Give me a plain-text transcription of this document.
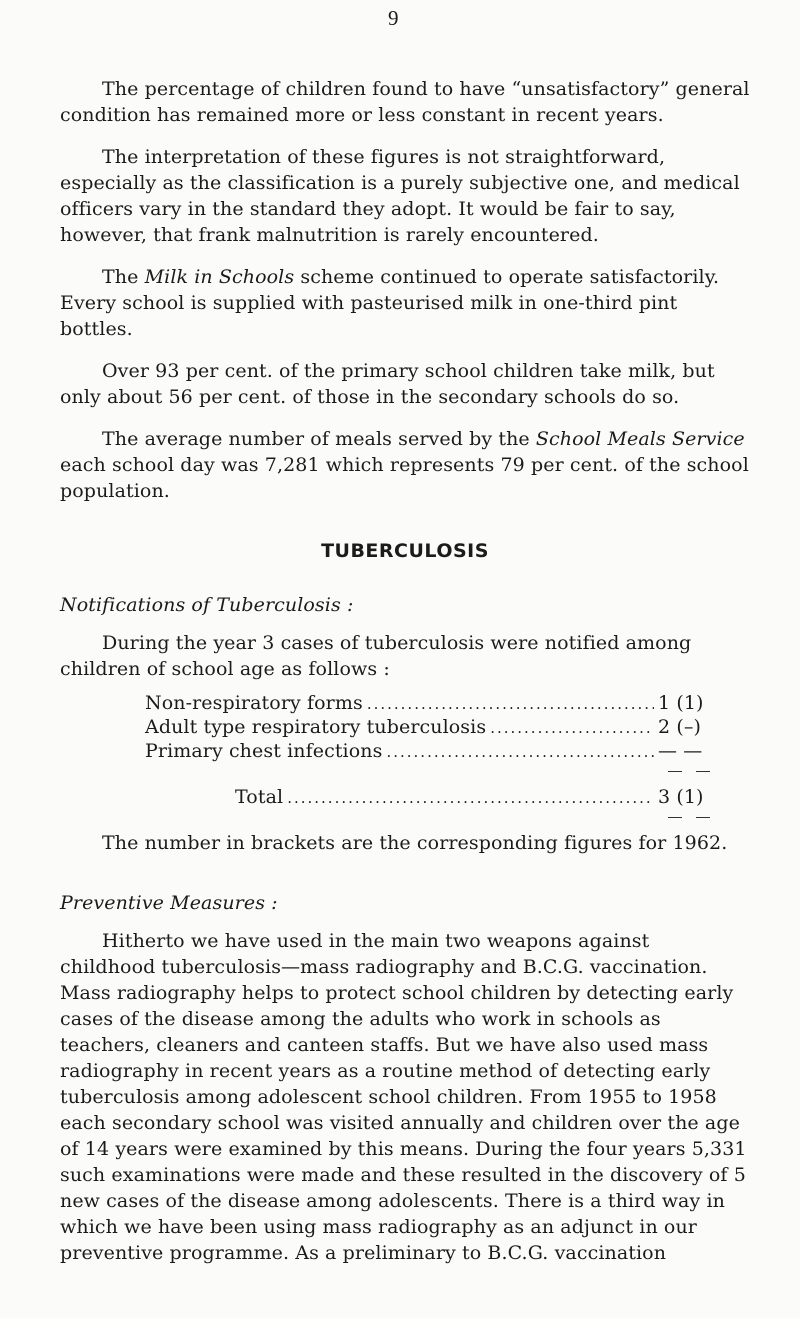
9

The percentage of children found to have “unsatisfactory” general condition has remained more or less constant in recent years.

The interpretation of these figures is not straightforward, especially as the classification is a purely subjective one, and medical officers vary in the standard they adopt. It would be fair to say, however, that frank malnutrition is rarely encountered.

The Milk in Schools scheme continued to operate satisfactorily. Every school is supplied with pasteurised milk in one-third pint bottles.

Over 93 per cent. of the primary school children take milk, but only about 56 per cent. of those in the secondary schools do so.

The average number of meals served by the School Meals Service each school day was 7,281 which represents 79 per cent. of the school population.

TUBERCULOSIS
Notifications of Tuberculosis :

During the year 3 cases of tuberculosis were notified among children of school age as follows :

Non-respiratory forms .....	1 (1)
Adult type respiratory tuberculosis .....	2 (–)
Primary chest infections .....	— —
Total .....	3 (1)

The number in brackets are the corresponding figures for 1962.

Preventive Measures :

Hitherto we have used in the main two weapons against childhood tuberculosis—mass radiography and B.C.G. vaccination. Mass radiography helps to protect school children by detecting early cases of the disease among the adults who work in schools as teachers, cleaners and canteen staffs. But we have also used mass radiography in recent years as a routine method of detecting early tuberculosis among adolescent school children. From 1955 to 1958 each secondary school was visited annually and children over the age of 14 years were examined by this means. During the four years 5,331 such examinations were made and these resulted in the discovery of 5 new cases of the disease among adolescents. There is a third way in which we have been using mass radiography as an adjunct in our preventive programme. As a preliminary to B.C.G. vaccination
